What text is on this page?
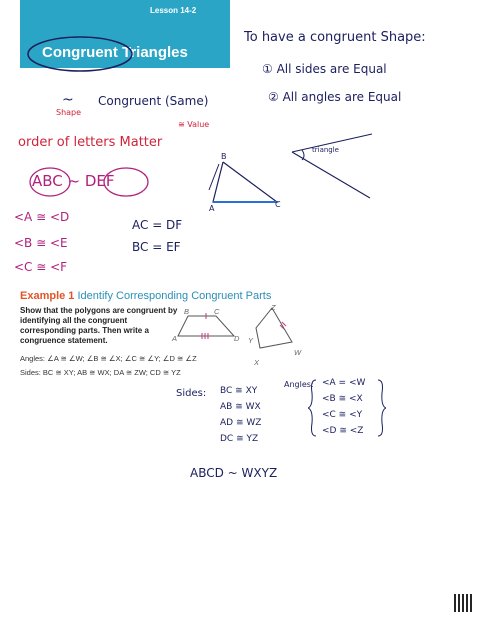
Lesson 14-2
Congruent Triangles
To have a congruent Shape:
① All sides are Equal
② All angles are Equal
~
Shape
Congruent (Same)
≅ Value
order of letters Matter
ABC ~ DEF
<A ≅ <D
<B ≅ <E
<C ≅ <F
AC = DF
BC = EF
B
A	C
triangle
Example 1 Identify Corresponding Congruent Parts
Show that the polygons are congruent by identifying all the congruent corresponding parts. Then write a congruence statement.
Angles: ∠A ≅ ∠W; ∠B ≅ ∠X; ∠C ≅ ∠Y; ∠D ≅ ∠Z
Sides: BC ≅ XY; AB ≅ WX; DA ≅ ZW; CD ≅ YZ
B	C
A	D
Z
Y
X
W
Sides: BC ≅ XY
AB ≅ WX
AD ≅ WZ
DC ≅ YZ
Angles: <A = <W
<B ≅ <X
<C ≅ <Y
<D ≅ <Z
ABCD ~ WXYZ
